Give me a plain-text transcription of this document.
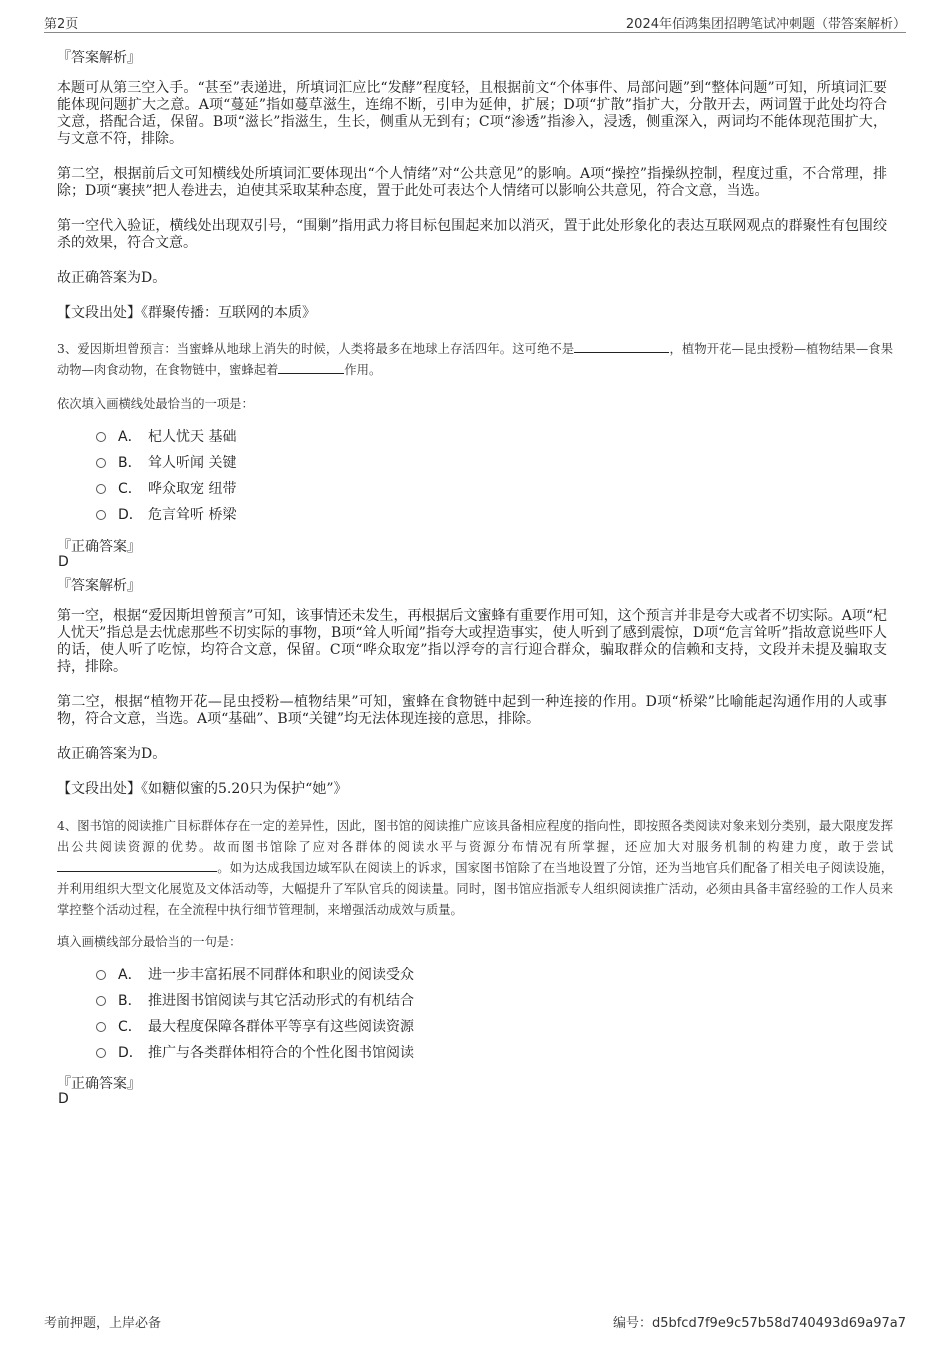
第2页	2024年佰鸿集团招聘笔试冲刺题（带答案解析）
『答案解析』

本题可从第三空入手。“甚至”表递进，所填词汇应比“发酵”程度轻，且根据前文“个体事件、局部问题”到“整体问题”可知，所填词汇要能体现问题扩大之意。A项“蔓延”指如蔓草滋生，连绵不断，引申为延伸，扩展；D项“扩散”指扩大，分散开去，两词置于此处均符合文意，搭配合适，保留。B项“滋长”指滋生，生长，侧重从无到有；C项“渗透”指渗入，浸透，侧重深入，两词均不能体现范围扩大，与文意不符，排除。

第二空，根据前后文可知横线处所填词汇要体现出“个人情绪”对“公共意见”的影响。A项“操控”指操纵控制，程度过重，不合常理，排除；D项“裹挟”把人卷进去，迫使其采取某种态度，置于此处可表达个人情绪可以影响公共意见，符合文意，当选。

第一空代入验证，横线处出现双引号，“围剿”指用武力将目标包围起来加以消灭，置于此处形象化的表达互联网观点的群聚性有包围绞杀的效果，符合文意。

故正确答案为D。

【文段出处】《群聚传播：互联网的本质》

3、爱因斯坦曾预言：当蜜蜂从地球上消失的时候，人类将最多在地球上存活四年。这可绝不是	，植物开花—昆虫授粉—植物结果—食果动物—肉食动物，在食物链中，蜜蜂起着	作用。
依次填入画横线处最恰当的一项是：
A． 杞人忧天 基础
B． 耸人听闻 关键
C． 哗众取宠 纽带
D． 危言耸听 桥梁
『正确答案』
D
『答案解析』

第一空，根据“爱因斯坦曾预言”可知，该事情还未发生，再根据后文蜜蜂有重要作用可知，这个预言并非是夸大或者不切实际。A项“杞人忧天”指总是去忧虑那些不切实际的事物，B项“耸人听闻”指夸大或捏造事实，使人听到了感到震惊，D项“危言耸听”指故意说些吓人的话，使人听了吃惊，均符合文意，保留。C项“哗众取宠”指以浮夸的言行迎合群众，骗取群众的信赖和支持，文段并未提及骗取支持，排除。

第二空，根据“植物开花—昆虫授粉—植物结果”可知，蜜蜂在食物链中起到一种连接的作用。D项“桥梁”比喻能起沟通作用的人或事物，符合文意，当选。A项“基础”、B项“关键”均无法体现连接的意思，排除。

故正确答案为D。

【文段出处】《如糖似蜜的5.20只为保护“她”》

4、图书馆的阅读推广目标群体存在一定的差异性，因此，图书馆的阅读推广应该具备相应程度的指向性，即按照各类阅读对象来划分类别，最大限度发挥出公共阅读资源的优势。故而图书馆除了应对各群体的阅读水平与资源分布情况有所掌握，还应加大对服务机制的构建力度，敢于尝试。如为达成我国边域军队在阅读上的诉求，国家图书馆除了在当地设置了分馆，还为当地官兵们配备了相关电子阅读设施，并利用组织大型文化展览及文体活动等，大幅提升了军队官兵的阅读量。同时，图书馆应指派专人组织阅读推广活动，必须由具备丰富经验的工作人员来掌控整个活动过程，在全流程中执行细节管理制，来增强活动成效与质量。
填入画横线部分最恰当的一句是：
A． 进一步丰富拓展不同群体和职业的阅读受众
B． 推进图书馆阅读与其它活动形式的有机结合
C． 最大程度保障各群体平等享有这些阅读资源
D． 推广与各类群体相符合的个性化图书馆阅读
『正确答案』
D
考前押题，上岸必备	编号：d5bfcd7f9e9c57b58d740493d69a97a7
